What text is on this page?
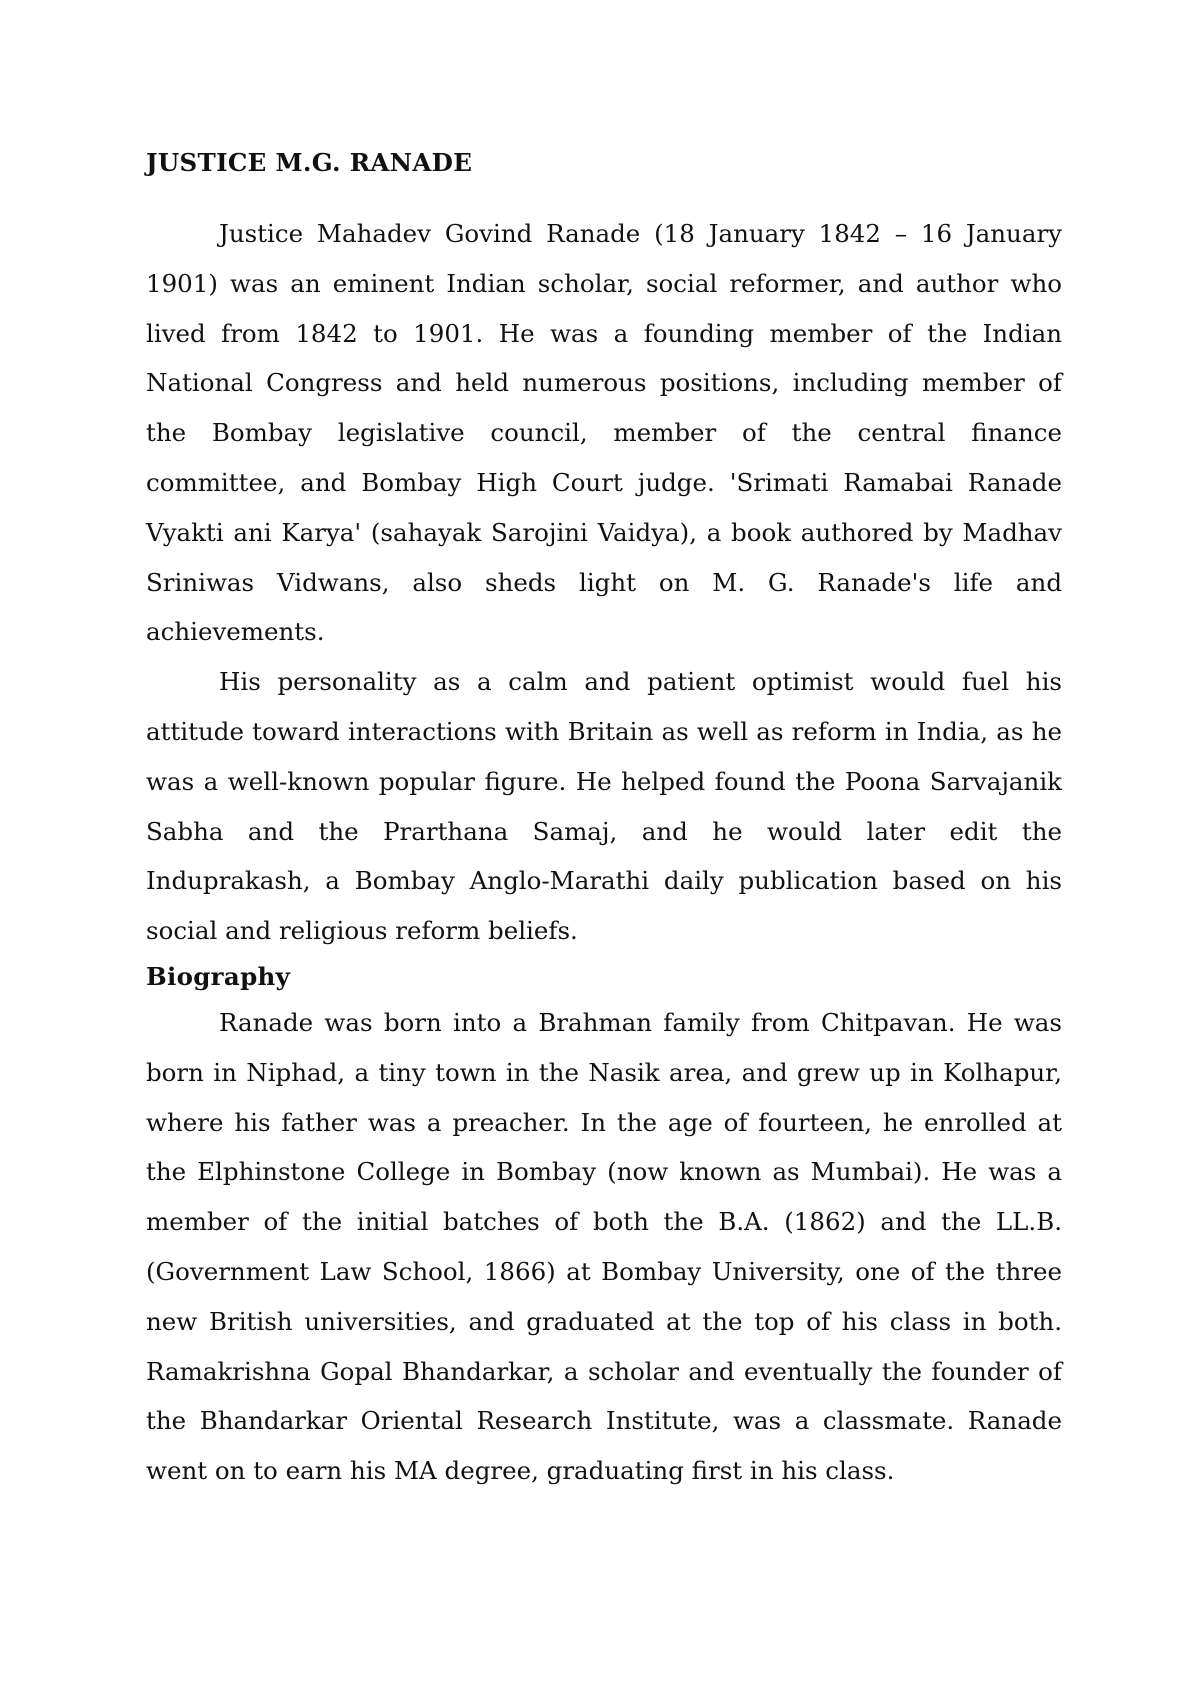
JUSTICE M.G. RANADE

Justice Mahadev Govind Ranade (18 January 1842 – 16 January 1901) was an eminent Indian scholar, social reformer, and author who lived from 1842 to 1901. He was a founding member of the Indian National Congress and held numerous positions, including member of the Bombay legislative council, member of the central finance committee, and Bombay High Court judge. 'Srimati Ramabai Ranade Vyakti ani Karya' (sahayak Sarojini Vaidya), a book authored by Madhav Sriniwas Vidwans, also sheds light on M. G. Ranade's life and achievements.

His personality as a calm and patient optimist would fuel his attitude toward interactions with Britain as well as reform in India, as he was a well-known popular figure. He helped found the Poona Sarvajanik Sabha and the Prarthana Samaj, and he would later edit the Induprakash, a Bombay Anglo-Marathi daily publication based on his social and religious reform beliefs.

Biography

Ranade was born into a Brahman family from Chitpavan. He was born in Niphad, a tiny town in the Nasik area, and grew up in Kolhapur, where his father was a preacher. In the age of fourteen, he enrolled at the Elphinstone College in Bombay (now known as Mumbai). He was a member of the initial batches of both the B.A. (1862) and the LL.B. (Government Law School, 1866) at Bombay University, one of the three new British universities, and graduated at the top of his class in both. Ramakrishna Gopal Bhandarkar, a scholar and eventually the founder of the Bhandarkar Oriental Research Institute, was a classmate. Ranade went on to earn his MA degree, graduating first in his class.
